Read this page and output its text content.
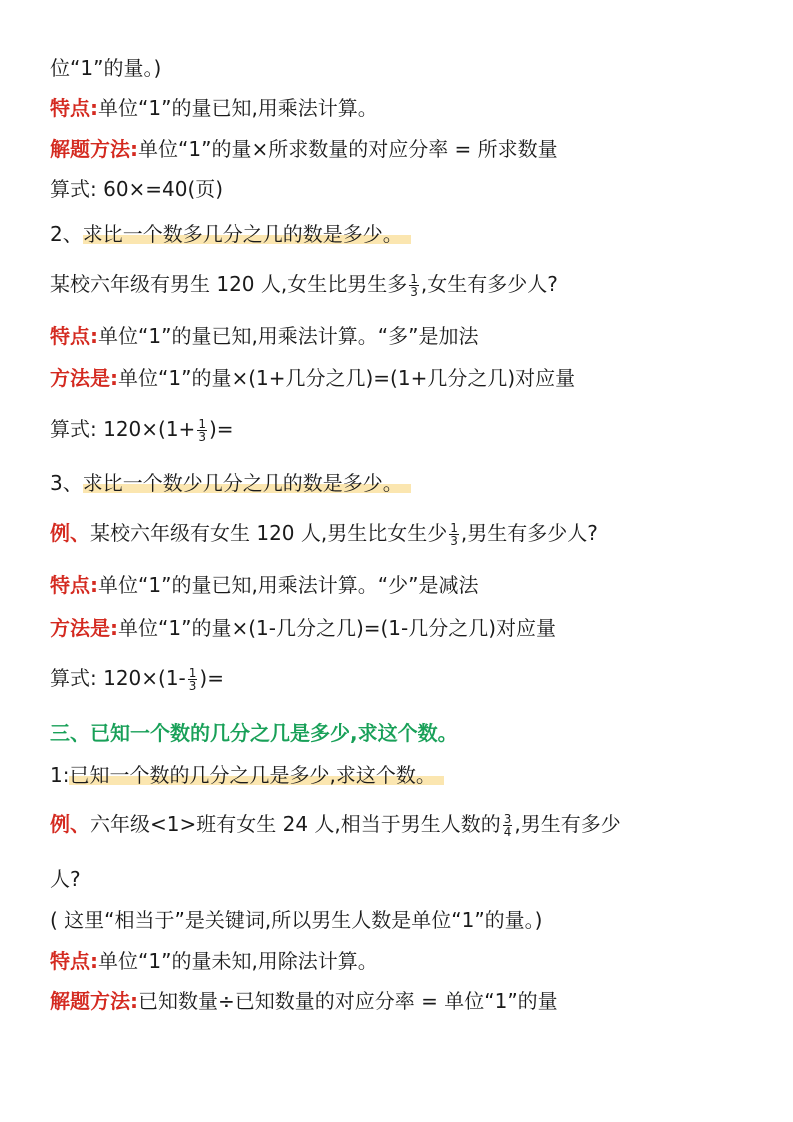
位“1”的量。)
特点:单位“1”的量已知,用乘法计算。
解题方法:单位“1”的量×所求数量的对应分率 = 所求数量
算式: 60×=40(页)
2、求比一个数多几分之几的数是多少。
某校六年级有男生 120 人,女生比男生多 $\frac{1}{3}$ ,女生有多少人?
特点:单位“1”的量已知,用乘法计算。“多”是加法
方法是:单位“1”的量×(1+几分之几)=(1+几分之几)对应量
算式: $120\times(1+ \frac{1}{3}$ )=
3、求比一个数少几分之几的数是多少。
例、某校六年级有女生 120 人,男生比女生少 $\frac{1}{3}$ ,男生有多少人?
特点:单位“1”的量已知,用乘法计算。“少”是减法
方法是:单位“1”的量×(1-几分之几)=(1-几分之几)对应量
算式: $120\times(1- \frac{1}{3}$ )=
三、已知一个数的几分之几是多少,求这个数。
1:已知一个数的几分之几是多少,求这个数。
例、六年级<1>班有女生 24 人,相当于男生人数的 $\frac{3}{4}$ ,男生有多少
人?
( 这里“相当于”是关键词,所以男生人数是单位“1”的量。)
特点:单位“1”的量未知,用除法计算。
解题方法:已知数量÷已知数量的对应分率 = 单位“1”的量
